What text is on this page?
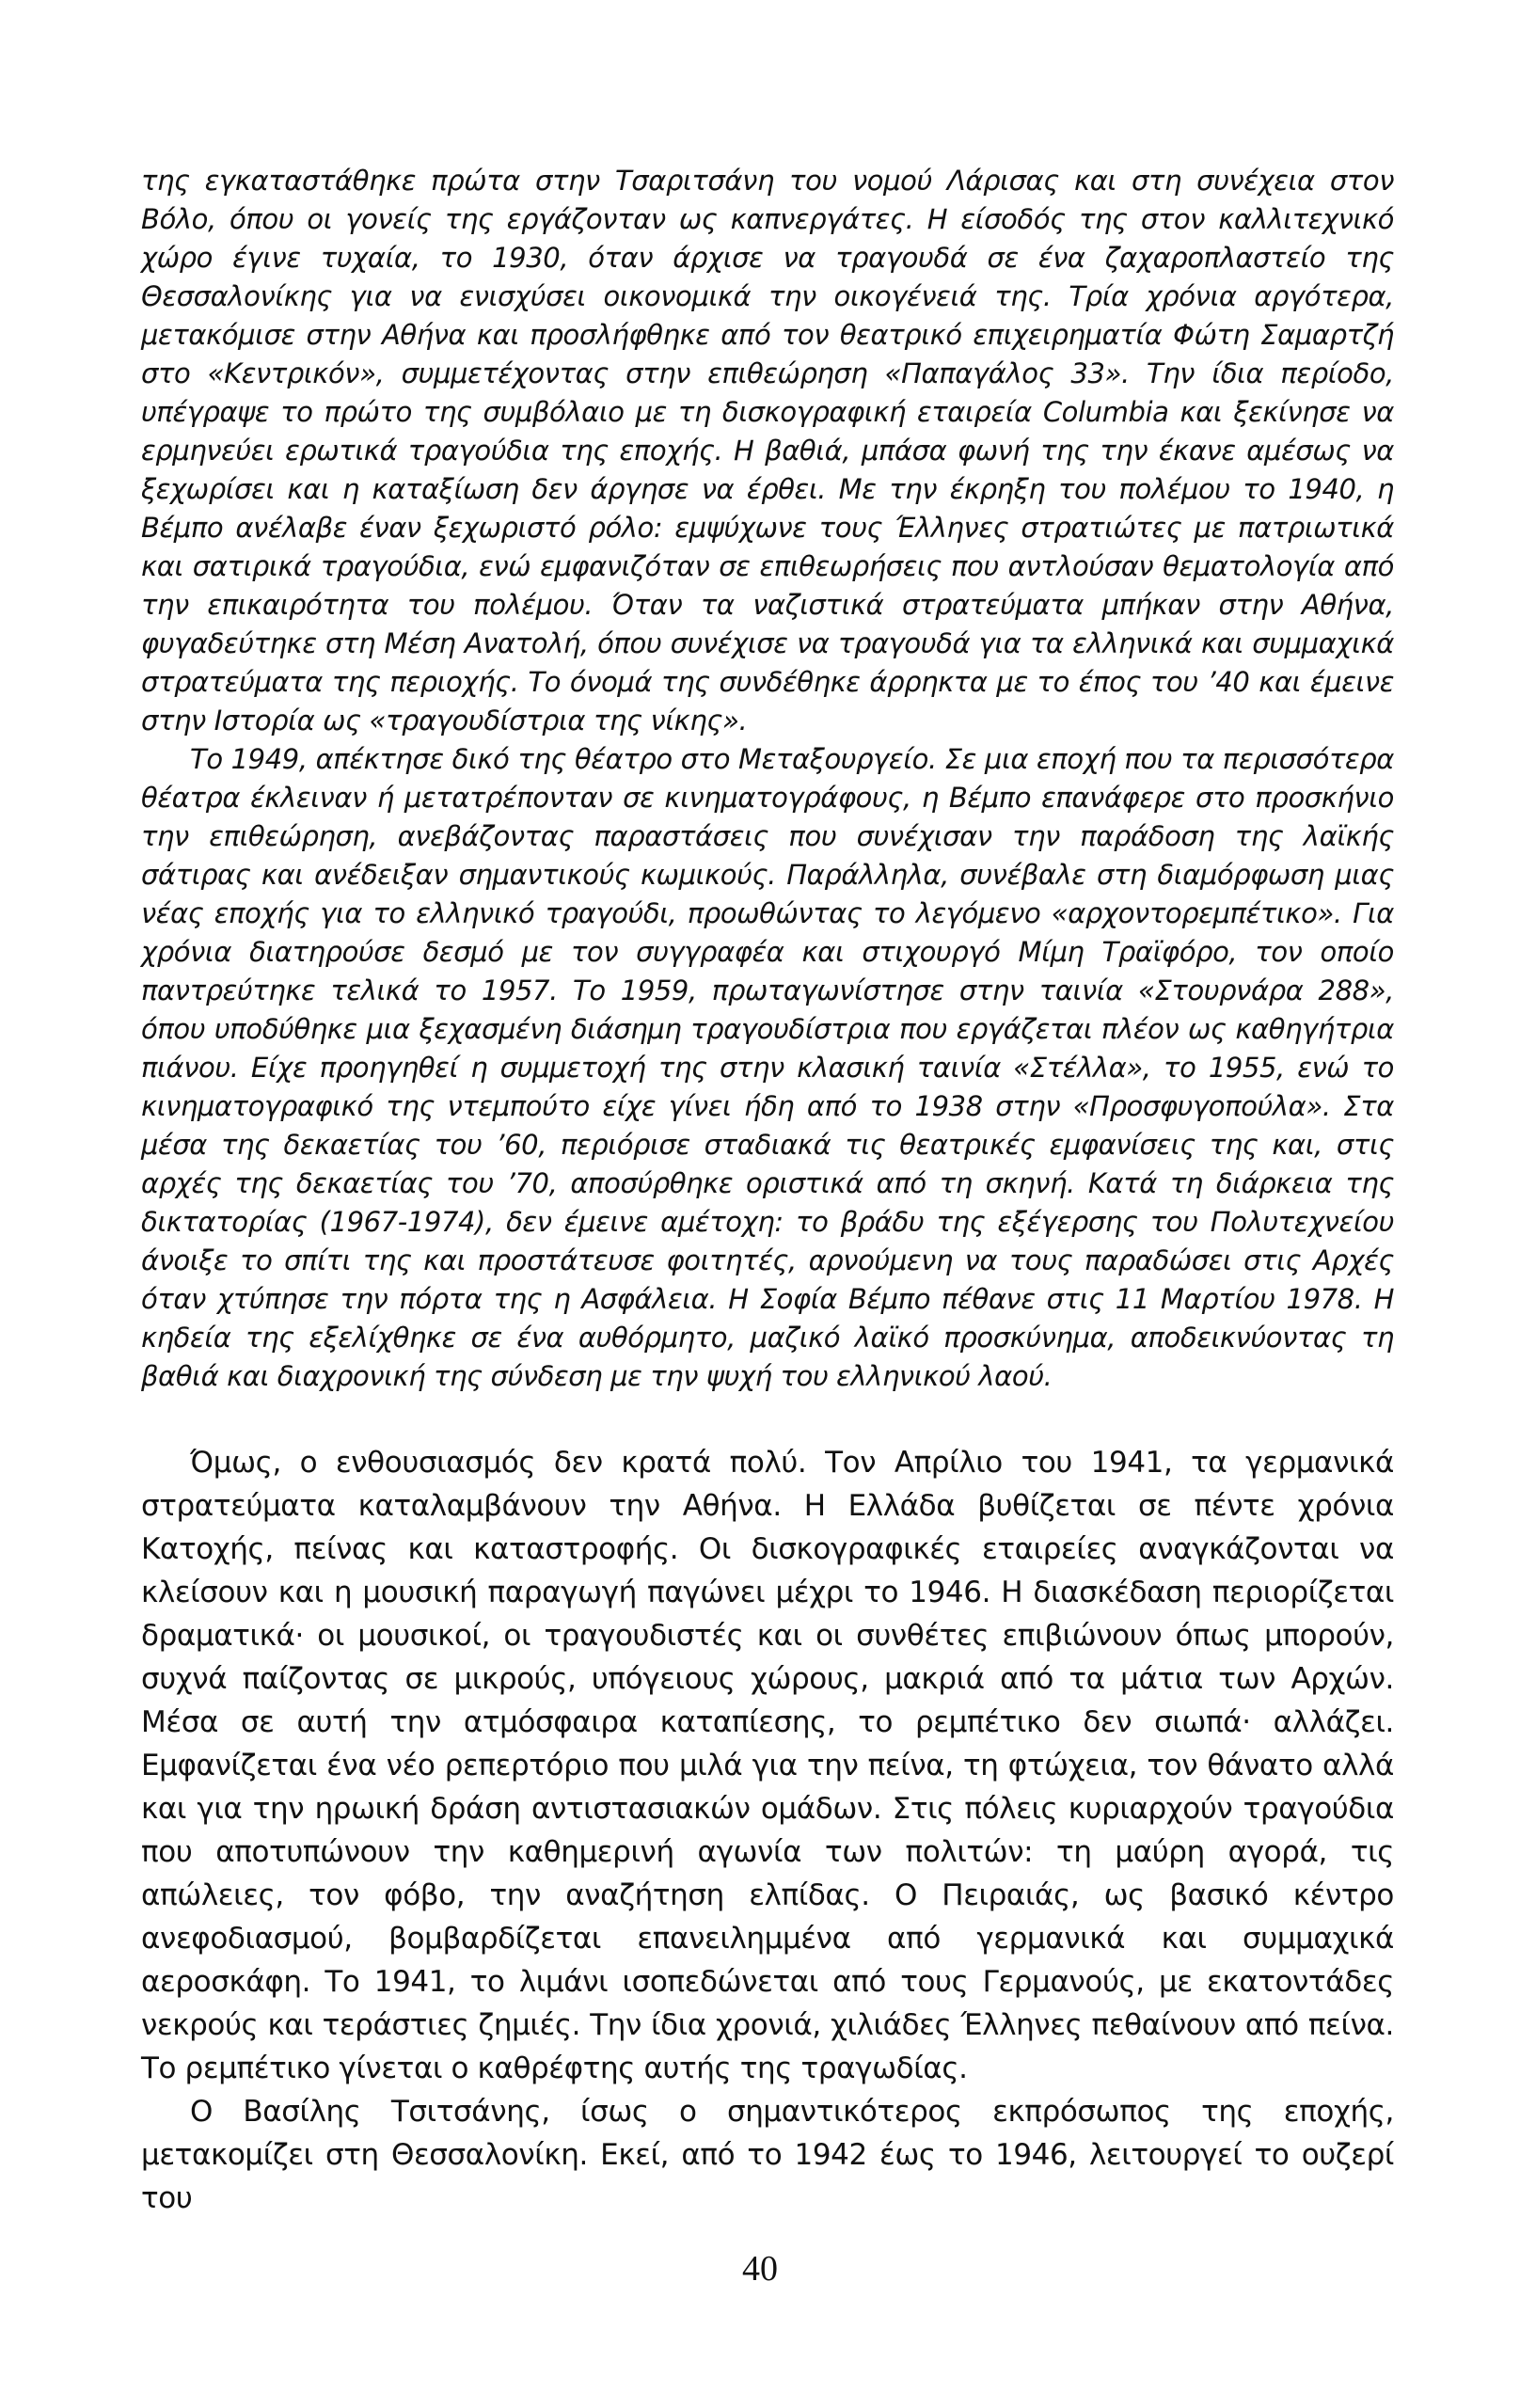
της εγκαταστάθηκε πρώτα στην Τσαριτσάνη του νομού Λάρισας και στη συνέχεια στον Βόλο, όπου οι γονείς της εργάζονταν ως καπνεργάτες. Η είσοδός της στον καλλιτεχνικό χώρο έγινε τυχαία, το 1930, όταν άρχισε να τραγουδά σε ένα ζαχαροπλαστείο της Θεσσαλονίκης για να ενισχύσει οικονομικά την οικογένειά της. Τρία χρόνια αργότερα, μετακόμισε στην Αθήνα και προσλήφθηκε από τον θεατρικό επιχειρηματία Φώτη Σαμαρτζή στο «Κεντρικόν», συμμετέχοντας στην επιθεώρηση «Παπαγάλος 33». Την ίδια περίοδο, υπέγραψε το πρώτο της συμβόλαιο με τη δισκογραφική εταιρεία Columbia και ξεκίνησε να ερμηνεύει ερωτικά τραγούδια της εποχής. Η βαθιά, μπάσα φωνή της την έκανε αμέσως να ξεχωρίσει και η καταξίωση δεν άργησε να έρθει. Με την έκρηξη του πολέμου το 1940, η Βέμπο ανέλαβε έναν ξεχωριστό ρόλο: εμψύχωνε τους Έλληνες στρατιώτες με πατριωτικά και σατιρικά τραγούδια, ενώ εμφανιζόταν σε επιθεωρήσεις που αντλούσαν θεματολογία από την επικαιρότητα του πολέμου. Όταν τα ναζιστικά στρατεύματα μπήκαν στην Αθήνα, φυγαδεύτηκε στη Μέση Ανατολή, όπου συνέχισε να τραγουδά για τα ελληνικά και συμμαχικά στρατεύματα της περιοχής. Το όνομά της συνδέθηκε άρρηκτα με το έπος του ’40 και έμεινε στην Ιστορία ως «τραγουδίστρια της νίκης».

Το 1949, απέκτησε δικό της θέατρο στο Μεταξουργείο. Σε μια εποχή που τα περισσότερα θέατρα έκλειναν ή μετατρέπονταν σε κινηματογράφους, η Βέμπο επανάφερε στο προσκήνιο την επιθεώρηση, ανεβάζοντας παραστάσεις που συνέχισαν την παράδοση της λαϊκής σάτιρας και ανέδειξαν σημαντικούς κωμικούς. Παράλληλα, συνέβαλε στη διαμόρφωση μιας νέας εποχής για το ελληνικό τραγούδι, προωθώντας το λεγόμενο «αρχοντορεμπέτικο». Για χρόνια διατηρούσε δεσμό με τον συγγραφέα και στιχουργό Μίμη Τραϊφόρο, τον οποίο παντρεύτηκε τελικά το 1957. Το 1959, πρωταγωνίστησε στην ταινία «Στουρνάρα 288», όπου υποδύθηκε μια ξεχασμένη διάσημη τραγουδίστρια που εργάζεται πλέον ως καθηγήτρια πιάνου. Είχε προηγηθεί η συμμετοχή της στην κλασική ταινία «Στέλλα», το 1955, ενώ το κινηματογραφικό της ντεμπούτο είχε γίνει ήδη από το 1938 στην «Προσφυγοπούλα». Στα μέσα της δεκαετίας του ’60, περιόρισε σταδιακά τις θεατρικές εμφανίσεις της και, στις αρχές της δεκαετίας του ’70, αποσύρθηκε οριστικά από τη σκηνή. Κατά τη διάρκεια της δικτατορίας (1967-1974), δεν έμεινε αμέτοχη: το βράδυ της εξέγερσης του Πολυτεχνείου άνοιξε το σπίτι της και προστάτευσε φοιτητές, αρνούμενη να τους παραδώσει στις Αρχές όταν χτύπησε την πόρτα της η Ασφάλεια. Η Σοφία Βέμπο πέθανε στις 11 Μαρτίου 1978. Η κηδεία της εξελίχθηκε σε ένα αυθόρμητο, μαζικό λαϊκό προσκύνημα, αποδεικνύοντας τη βαθιά και διαχρονική της σύνδεση με την ψυχή του ελληνικού λαού.

Όμως, ο ενθουσιασμός δεν κρατά πολύ. Τον Απρίλιο του 1941, τα γερμανικά στρατεύματα καταλαμβάνουν την Αθήνα. Η Ελλάδα βυθίζεται σε πέντε χρόνια Κατοχής, πείνας και καταστροφής. Οι δισκογραφικές εταιρείες αναγκάζονται να κλείσουν και η μουσική παραγωγή παγώνει μέχρι το 1946. Η διασκέδαση περιορίζεται δραματικά· οι μουσικοί, οι τραγουδιστές και οι συνθέτες επιβιώνουν όπως μπορούν, συχνά παίζοντας σε μικρούς, υπόγειους χώρους, μακριά από τα μάτια των Αρχών. Μέσα σε αυτή την ατμόσφαιρα καταπίεσης, το ρεμπέτικο δεν σιωπά· αλλάζει. Εμφανίζεται ένα νέο ρεπερτόριο που μιλά για την πείνα, τη φτώχεια, τον θάνατο αλλά και για την ηρωική δράση αντιστασιακών ομάδων. Στις πόλεις κυριαρχούν τραγούδια που αποτυπώνουν την καθημερινή αγωνία των πολιτών: τη μαύρη αγορά, τις απώλειες, τον φόβο, την αναζήτηση ελπίδας. Ο Πειραιάς, ως βασικό κέντρο ανεφοδιασμού, βομβαρδίζεται επανειλημμένα από γερμανικά και συμμαχικά αεροσκάφη. Το 1941, το λιμάνι ισοπεδώνεται από τους Γερμανούς, με εκατοντάδες νεκρούς και τεράστιες ζημιές. Την ίδια χρονιά, χιλιάδες Έλληνες πεθαίνουν από πείνα. Το ρεμπέτικο γίνεται ο καθρέφτης αυτής της τραγωδίας.

Ο Βασίλης Τσιτσάνης, ίσως ο σημαντικότερος εκπρόσωπος της εποχής, μετακομίζει στη Θεσσαλονίκη. Εκεί, από το 1942 έως το 1946, λειτουργεί το ουζερί του

40
